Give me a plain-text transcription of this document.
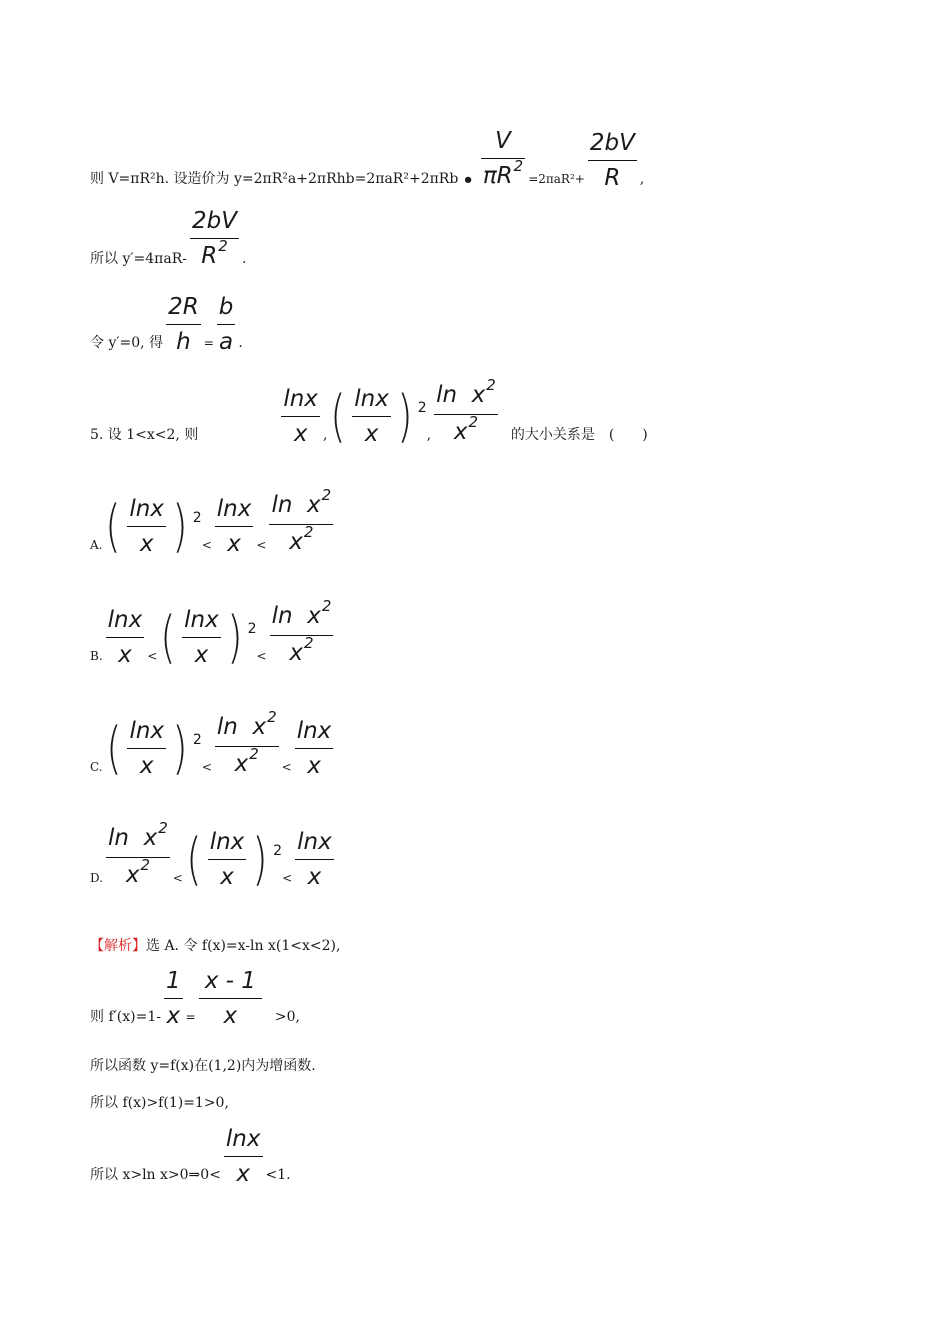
则 V=πR²h. 设造价为 y=2πR²a+2πRhb=2πaR²+2πRb • $\frac{V}{\pi R^2} =2\pi aR^2+ \frac{2bV}{R}$ ,
所以 $y'=4\pi aR- \frac{2bV}{R^2}$ .
令 y′=0, 得 $\frac{2R}{h} = \frac{b}{a}$ .
5. 设 1<x<2, 则	$\frac{\ln x}{x}$ , ( $\frac{\ln x}{x}$ ) 2
, $\frac{\ln x^2}{x^2}$ 的大小关系是　(　　)
A. ( $\frac{\ln x}{x}$ ) 2
< $\frac{\ln x}{x} < \frac{\ln x^2}{x^2}$
B. $\frac{\ln x}{x}$ < ( $\frac{\ln x}{x}$ ) 2
< $\frac{\ln x^2}{x^2}$
C. ( $\frac{\ln x}{x}$ ) 2
< $\frac{\ln x^2}{x^2} < \frac{\ln x}{x}$
D. $\frac{\ln x^2}{x^2}$ < ( $\frac{\ln x}{x}$ ) 2
< $\frac{\ln x}{x}$
【解析】 选 A. 令 f(x)=x-ln x(1<x<2),
则 $f'(x)=1- \frac{1}{x} = \frac{x - 1}{x} >0$,
所以函数 y=f(x)在(1,2)内为增函数.
所以 f(x)>f(1)=1>0,
所以 x>ln x>0⇒0< $\frac{\ln x}{x} <1$.
